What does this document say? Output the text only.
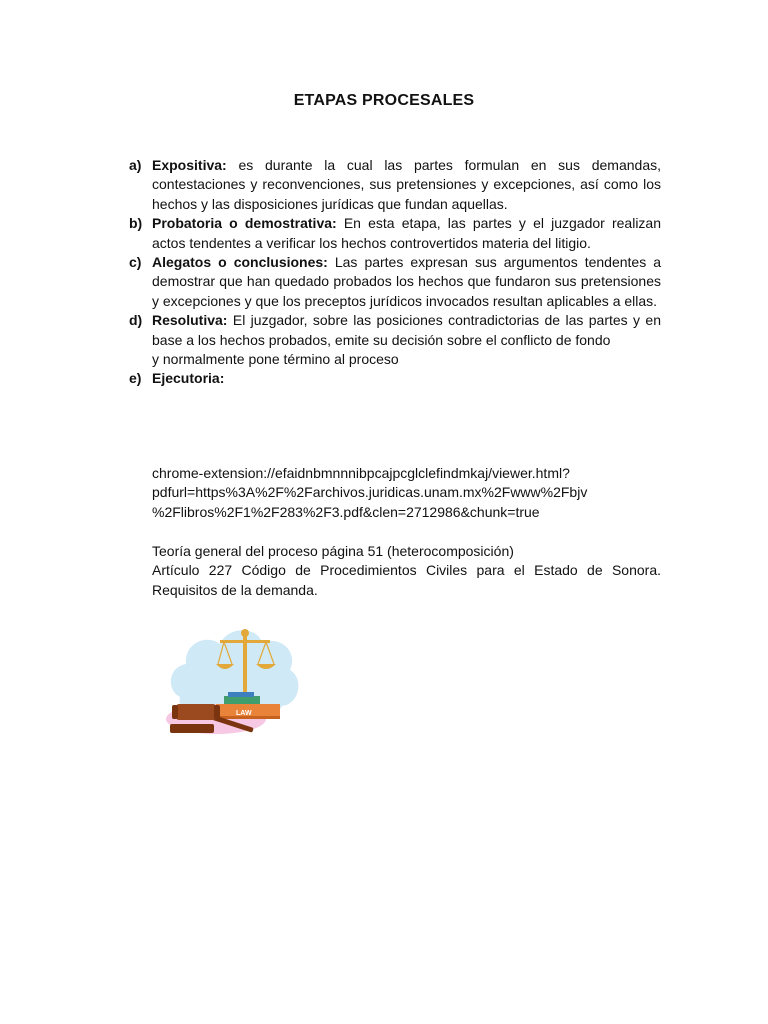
ETAPAS PROCESALES
a) Expositiva: es durante la cual las partes formulan en sus demandas, contestaciones y reconvenciones, sus pretensiones y excepciones, así como los hechos y las disposiciones jurídicas que fundan aquellas.
b) Probatoria o demostrativa: En esta etapa, las partes y el juzgador realizan actos tendentes a verificar los hechos controvertidos materia del litigio.
c) Alegatos o conclusiones: Las partes expresan sus argumentos tendentes a demostrar que han quedado probados los hechos que fundaron sus pretensiones y excepciones y que los preceptos jurídicos invocados resultan aplicables a ellas.
d) Resolutiva: El juzgador, sobre las posiciones contradictorias de las partes y en base a los hechos probados, emite su decisión sobre el conflicto de fondo
y normalmente pone término al proceso
e) Ejecutoria:
chrome-extension://efaidnbmnnnibpcajpcglclefindmkaj/viewer.html?
pdfurl=https%3A%2F%2Farchivos.juridicas.unam.mx%2Fwww%2Fbjv
%2Flibros%2F1%2F283%2F3.pdf&clen=2712986&chunk=true
Teoría general del proceso página 51 (heterocomposición)
Artículo 227 Código de Procedimientos Civiles para el Estado de Sonora. Requisitos de la demanda.
LAW
